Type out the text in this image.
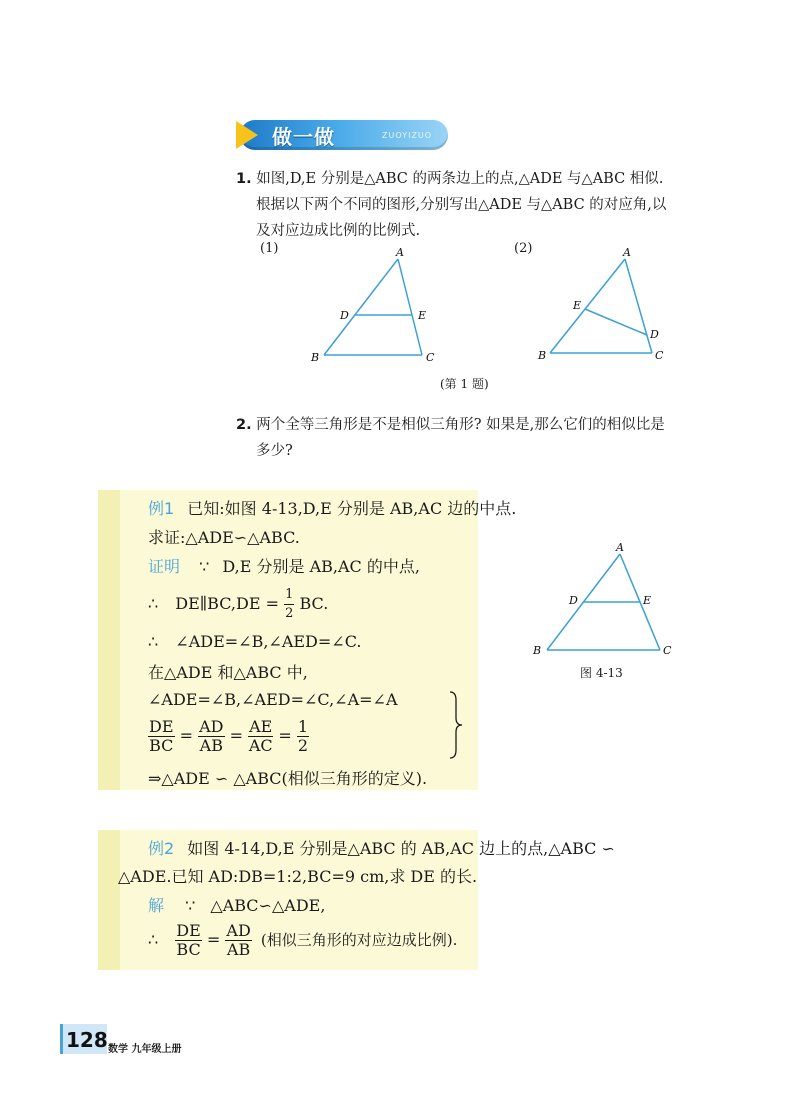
做一做	ZUOYIZUO
1. 如图,D,E 分别是△ABC 的两条边上的点,△ADE 与△ABC 相似.
根据以下两个不同的图形,分别写出△ADE 与△ABC 的对应角,以
及对应边成比例的比例式.
(1)	(2)
A
D	E
B	C
A
E
D
B	C
(第 1 题)
2. 两个全等三角形是不是相似三角形? 如果是,那么它们的相似比是
多少?
例1 已知:如图 4-13,D,E 分别是 AB,AC 边的中点.
求证:△ADE∽△ABC.
证明 ∵ D,E 分别是 AB,AC 的中点,
∴ DE∥BC,DE = $\frac{1}{2}$ BC.
∴ ∠ADE=∠B,∠AED=∠C.
在△ADE 和△ABC 中,
∠ADE=∠B,∠AED=∠C,∠A=∠A
$\frac{DE}{BC} = \frac{AD}{AB} = \frac{AE}{AC} = \frac{1}{2}$
⇒△ADE ∽ △ABC(相似三角形的定义).
A
D	E
B	C
图 4-13
例2 如图 4-14,D,E 分别是△ABC 的 AB,AC 边上的点,△ABC ∽
△ADE.已知 AD:DB=1:2,BC=9 cm,求 DE 的长.
解 ∵ △ABC∽△ADE,
∴ $\frac{DE}{BC} = \frac{AD}{AB}$ (相似三角形的对应边成比例).
128 数学 九年级上册
